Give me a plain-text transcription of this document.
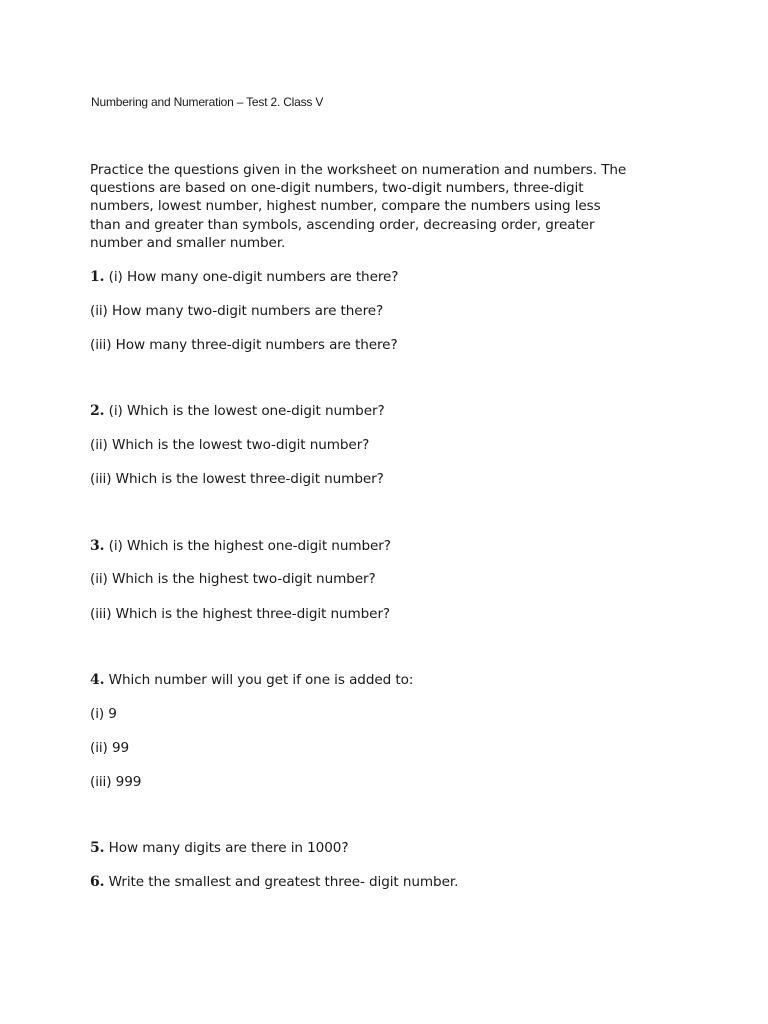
Numbering and Numeration – Test 2. Class V
Practice the questions given in the worksheet on numeration and numbers. The
questions are based on one-digit numbers, two-digit numbers, three-digit
numbers, lowest number, highest number, compare the numbers using less
than and greater than symbols, ascending order, decreasing order, greater
number and smaller number.
1. (i) How many one-digit numbers are there?
(ii) How many two-digit numbers are there?
(iii) How many three-digit numbers are there?
2. (i) Which is the lowest one-digit number?
(ii) Which is the lowest two-digit number?
(iii) Which is the lowest three-digit number?
3. (i) Which is the highest one-digit number?
(ii) Which is the highest two-digit number?
(iii) Which is the highest three-digit number?
4. Which number will you get if one is added to:
(i) 9
(ii) 99
(iii) 999
5. How many digits are there in 1000?
6. Write the smallest and greatest three- digit number.
